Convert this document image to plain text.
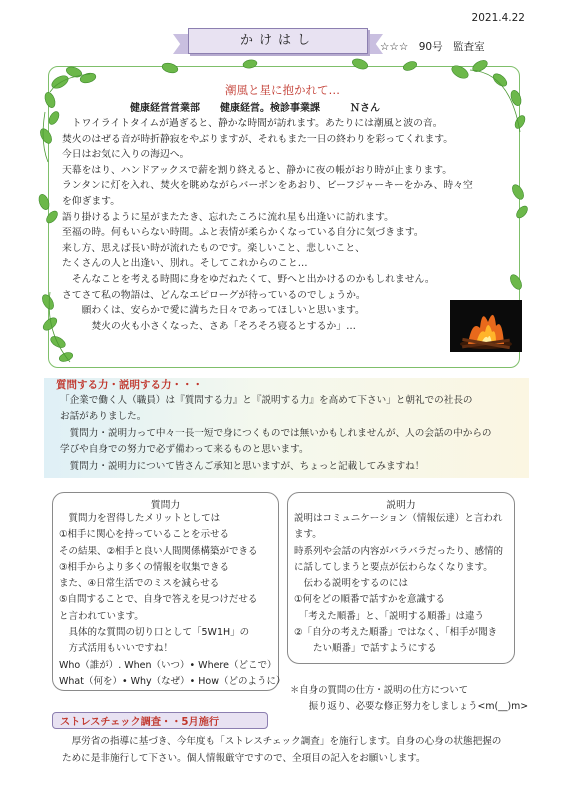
2021.4.22
かけはし	☆☆☆　90号　監査室
潮風と星に抱かれて…
健康経営営業部　　健康経営。検診事業課　　　Ｎさん

　トワイライトタイムが過ぎると、静かな時間が訪れます。あたりには潮風と波の音。

焚火のはぜる音が時折静寂をやぶりますが、それもまた一日の終わりを彩ってくれます。

今日はお気に入りの海辺へ。

天幕をはり、ハンドアックスで薪を割り終えると、静かに夜の帳がおり時が止まります。

ランタンに灯を入れ、焚火を眺めながらバーボンをあおり、ビーフジャーキーをかみ、時々空

を仰ぎます。

語り掛けるように星がまたたき、忘れたころに流れ星も出逢いに訪れます。

至福の時。何もいらない時間。ふと表情が柔らかくなっている自分に気づきます。

来し方、思えば長い時が流れたものです。楽しいこと、悲しいこと、

たくさんの人と出逢い、別れ。そしてこれからのこと…

　そんなことを考える時間に身をゆだねたくて、野へと出かけるのかもしれません。

さてさて私の物語は、どんなエピローグが待っているのでしょうか。

　　願わくは、安らかで愛に満ちた日々であってほしいと思います。

　　　焚火の火も小さくなった、さあ「そろそろ寝るとするか」…

質問する力・説明する力・・・

「企業で働く人（職員）は『質問する力』と『説明する力』を高めて下さい」と朝礼での社長の

お話がありました。

　質問力・説明力って中々一長一短で身につくものでは無いかもしれませんが、人の会話の中からの

学びや自身での努力で必ず備わって来るものと思います。

　質問力・説明力について皆さんご承知と思いますが、ちょっと記載してみますね！

質問力

　質問力を習得したメリットとしては

①相手に関心を持っていることを示せる

その結果、②相手と良い人間関係構築ができる

③相手からより多くの情報を収集できる

また、④日常生活でのミスを減らせる

⑤自問することで、自身で答えを見つけだせる

と言われています。

　具体的な質問の切り口として「5W1H」の

　方式活用もいいですね！

Who（誰が）. When（いつ）• Where（どこで）

What（何を）• Why（なぜ）• How（どのように）

説明力

説明はコミュニケーション（情報伝達）と言われ

ます。

時系列や会話の内容がバラバラだったり、感情的

に話してしまうと要点が伝わらなくなります。

　伝わる説明をするのには

①何をどの順番で話すかを意識する

　「考えた順番」と、「説明する順番」は違う

②「自分の考えた順番」ではなく、「相手が聞き

　　たい順番」で話すようにする

＊自身の質問の仕方・説明の仕方について

　　振り返り、必要な修正努力をしましょう<m(__)m>

ストレスチェック調査・・5月施行

　厚労省の指導に基づき、今年度も「ストレスチェック調査」を施行します。自身の心身の状態把握の

ために是非施行して下さい。個人情報厳守ですので、全項目の記入をお願いします。
